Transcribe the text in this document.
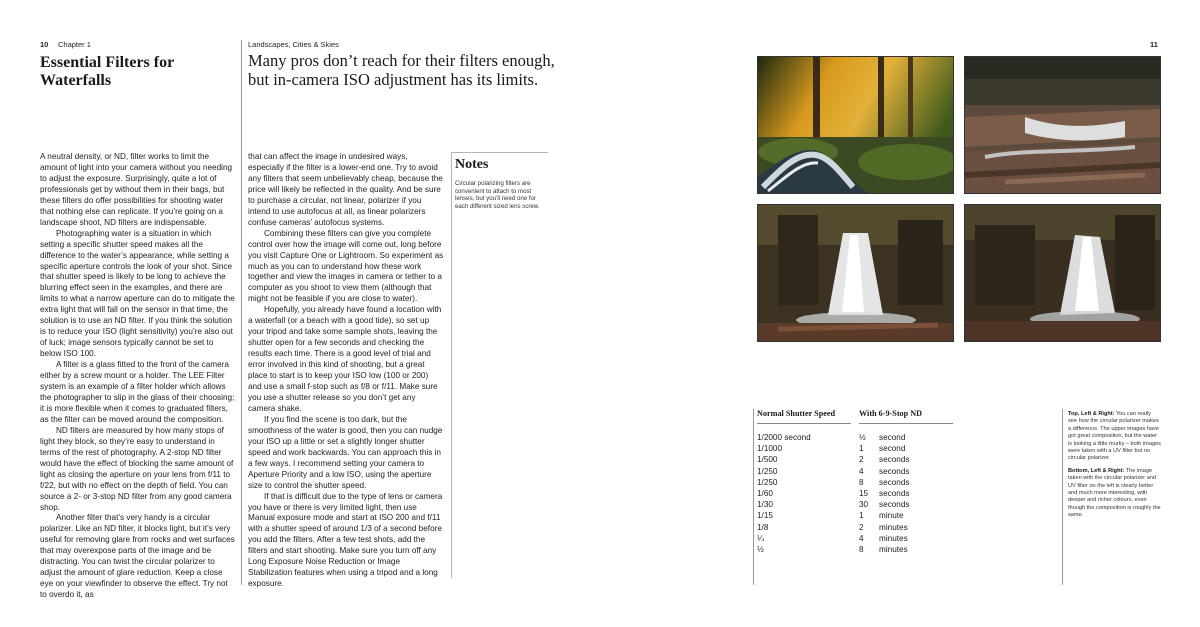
10 Chapter 1	Landscapes, Cities & Skies
Essential Filters for Waterfalls
Many pros don’t reach for their filters enough, but in-camera ISO adjustment has its limits.

A neutral density, or ND, filter works to limit the amount of light into your camera without you needing to adjust the exposure. Surprisingly, quite a lot of professionals get by without them in their bags, but these filters do offer possibilities for shooting water that nothing else can replicate. If you’re going on a landscape shoot, ND filters are indispensable.

Photographing water is a situation in which setting a specific shutter speed makes all the difference to the water’s appearance, while setting a specific aperture controls the look of your shot. Since that shutter speed is likely to be long to achieve the blurring effect seen in the examples, and there are limits to what a narrow aperture can do to mitigate the extra light that will fall on the sensor in that time, the solution is to use an ND filter. If you think the solution is to reduce your ISO (light sensitivity) you’re also out of luck; image sensors typically cannot be set to below ISO 100.

A filter is a glass fitted to the front of the camera either by a screw mount or a holder. The LEE Filter system is an example of a filter holder which allows the photographer to slip in the glass of their choosing; it is more flexible when it comes to graduated filters, as the filter can be moved around the composition.

ND filters are measured by how many stops of light they block, so they’re easy to understand in terms of the rest of photography. A 2-stop ND filter would have the effect of blocking the same amount of light as closing the aperture on your lens from f/11 to f/22, but with no effect on the depth of field. You can source a 2- or 3-stop ND filter from any good camera shop.

Another filter that’s very handy is a circular polarizer. Like an ND filter, it blocks light, but it’s very useful for removing glare from rocks and wet surfaces that may overexpose parts of the image and be distracting. You can twist the circular polarizer to adjust the amount of glare reduction. Keep a close eye on your viewfinder to observe the effect. Try not to overdo it, as

that can affect the image in undesired ways, especially if the filter is a lower-end one. Try to avoid any filters that seem unbelievably cheap, because the price will likely be reflected in the quality. And be sure to purchase a circular, not linear, polarizer if you intend to use autofocus at all, as linear polarizers confuse cameras’ autofocus systems.

Combining these filters can give you complete control over how the image will come out, long before you visit Capture One or Lightroom. So experiment as much as you can to understand how these work together and view the images in camera or tether to a computer as you shoot to view them (although that might not be feasible if you are close to water).

Hopefully, you already have found a location with a waterfall (or a beach with a good tide), so set up your tripod and take some sample shots, leaving the shutter open for a few seconds and checking the results each time. There is a good level of trial and error involved in this kind of shooting, but a great place to start is to keep your ISO low (100 or 200) and use a small f-stop such as f/8 or f/11. Make sure you use a shutter release so you don’t get any camera shake.

If you find the scene is too dark, but the smoothness of the water is good, then you can nudge your ISO up a little or set a slightly longer shutter speed and work backwards. You can approach this in a few ways. I recommend setting your camera to Aperture Priority and a low ISO, using the aperture size to control the shutter speed.

If that is difficult due to the type of lens or camera you have or there is very limited light, then use Manual exposure mode and start at ISO 200 and f/11 with a shutter speed of around 1/3 of a second before you add the filters. After a few test shots, add the filters and start shooting. Make sure you turn off any Long Exposure Noise Reduction or Image Stabilization features when using a tripod and a long exposure.

Notes
Circular polarizing filters are convenient to attach to most lenses, but you’ll need one for each different sized lens screw.
11
Normal Shutter Speed	With 6-9-Stop ND
1/2000 second
1/1000
1/500
1/250
1/250
1/60
1/30
1/15
1/8
¼
½
½
1
2
4
8
15
30
1
2
4
8
second
second
seconds
seconds
seconds
seconds
seconds
minute
minutes
minutes
minutes

Top, Left & Right: You can really see how the circular polarizer makes a difference. The upper images have got great composition, but the water is looking a little murky – both images were taken with a UV filter but no circular polarizer.

Bottom, Left & Right: The image taken with the circular polarizer and UV filter on the left is clearly better and much more interesting, with deeper and richer colours, even though the composition is roughly the same.
